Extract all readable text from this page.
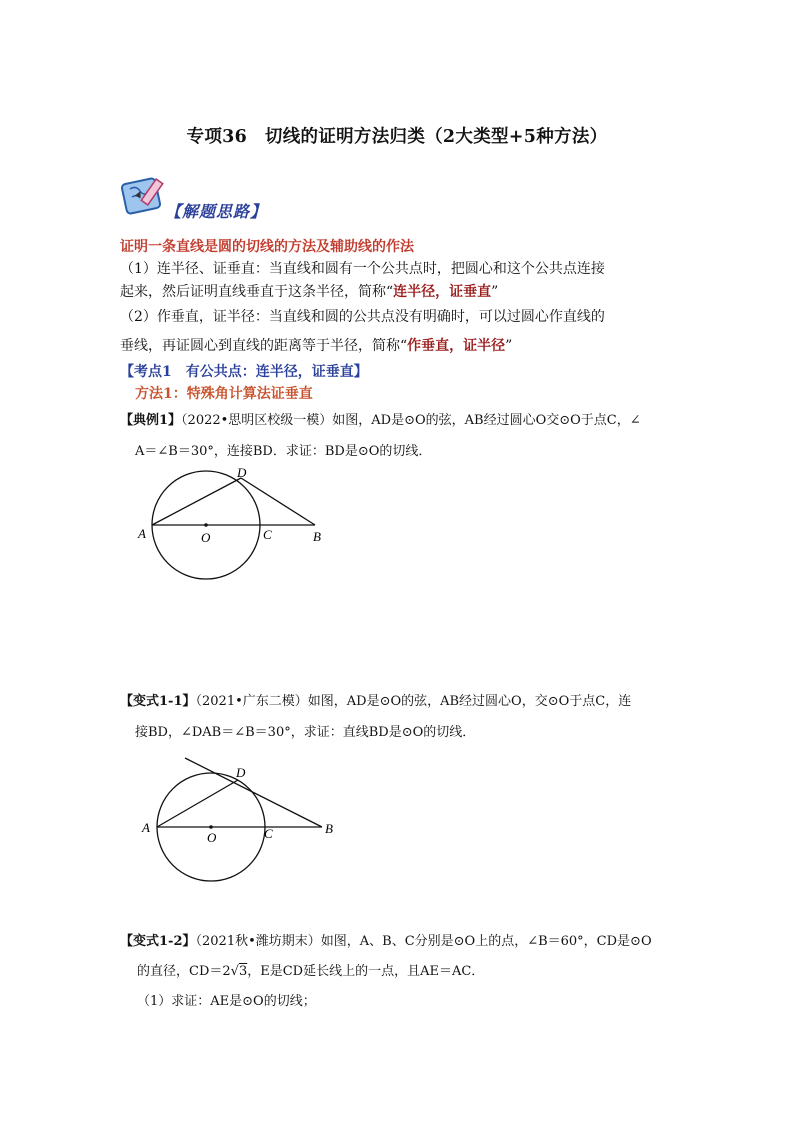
专项36　切线的证明方法归类（2大类型+5种方法）
【解题思路】
证明一条直线是圆的切线的方法及辅助线的作法
（1）连半径、证垂直：当直线和圆有一个公共点时，把圆心和这个公共点连接
起来，然后证明直线垂直于这条半径，简称“连半径，证垂直”
（2）作垂直，证半径：当直线和圆的公共点没有明确时，可以过圆心作直线的
垂线，再证圆心到直线的距离等于半径，简称“作垂直，证半径”
【考点1　有公共点：连半径，证垂直】
方法1：特殊角计算法证垂直
【典例1】（2022•思明区校级一模）如图，AD是⊙O的弦，AB经过圆心O交⊙O于点C，∠
A＝∠B＝30°，连接BD．求证：BD是⊙O的切线．
A	O	C	B
D
【变式1-1】（2021•广东二模）如图，AD是⊙O的弦，AB经过圆心O，交⊙O于点C，连
接BD，∠DAB＝∠B＝30°，求证：直线BD是⊙O的切线．
A
O	C	B
D
【变式1-2】（2021秋•潍坊期末）如图，A、B、C分别是⊙O上的点，∠B＝60°，CD是⊙O
的直径，CD＝2√3，E是CD延长线上的一点，且AE＝AC．
（1）求证：AE是⊙O的切线；
